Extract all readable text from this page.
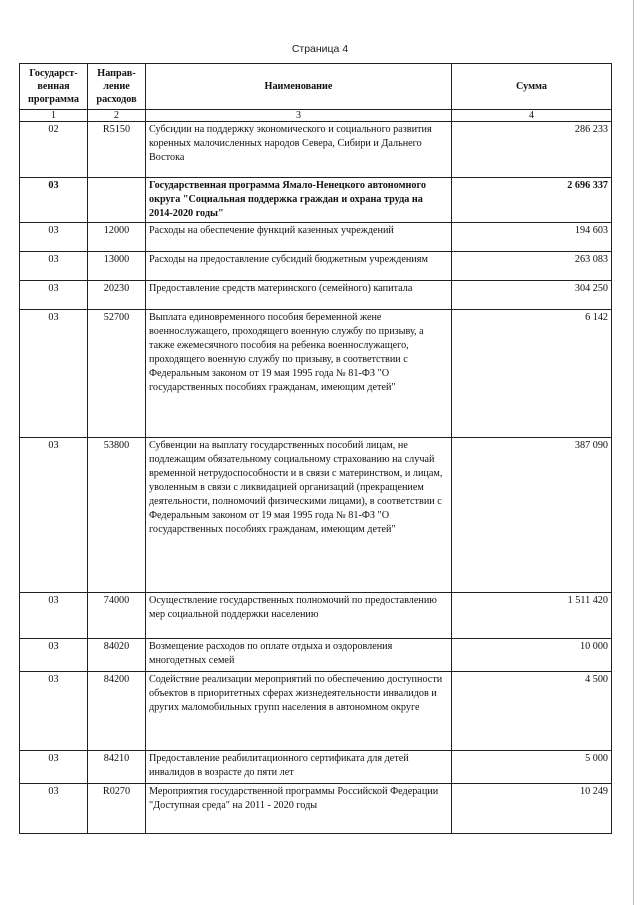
Страница 4
Государст-венная программа	Направ-ление расходов	Наименование	Сумма
1	2	3	4
02	R5150	Субсидии на поддержку экономического и социального развития коренных малочисленных народов Севера, Сибири и Дальнего Востока	286 233
03		Государственная программа Ямало-Ненецкого автономного округа "Социальная поддержка граждан и охрана труда на 2014-2020 годы"	2 696 337
03	12000	Расходы на обеспечение функций казенных учреждений	194 603
03	13000	Расходы на предоставление субсидий бюджетным учреждениям	263 083
03	20230	Предоставление средств материнского (семейного) капитала	304 250
03	52700	Выплата единовременного пособия беременной жене военнослужащего, проходящего военную службу по призыву, а также ежемесячного пособия на ребенка военнослужащего, проходящего военную службу по призыву, в соответствии с Федеральным законом от 19 мая 1995 года № 81-ФЗ "О государственных пособиях гражданам, имеющим детей"	6 142
03	53800	Субвенции на выплату государственных пособий лицам, не подлежащим обязательному социальному страхованию на случай временной нетрудоспособности и в связи с материнством, и лицам, уволенным в связи с ликвидацией организаций (прекращением деятельности, полномочий физическими лицами), в соответствии с Федеральным законом от 19 мая 1995 года № 81-ФЗ "О государственных пособиях гражданам, имеющим детей"	387 090
03	74000	Осуществление государственных полномочий по предоставлению мер социальной поддержки населению	1 511 420
03	84020	Возмещение расходов по оплате отдыха и оздоровления многодетных семей	10 000
03	84200	Содействие реализации мероприятий по обеспечению доступности объектов в приоритетных сферах жизнедеятельности инвалидов и других маломобильных групп населения в автономном округе	4 500
03	84210	Предоставление реабилитационного сертификата для детей инвалидов в возрасте до пяти лет	5 000
03	R0270	Мероприятия государственной программы Российской Федерации "Доступная среда" на 2011 - 2020 годы	10 249
